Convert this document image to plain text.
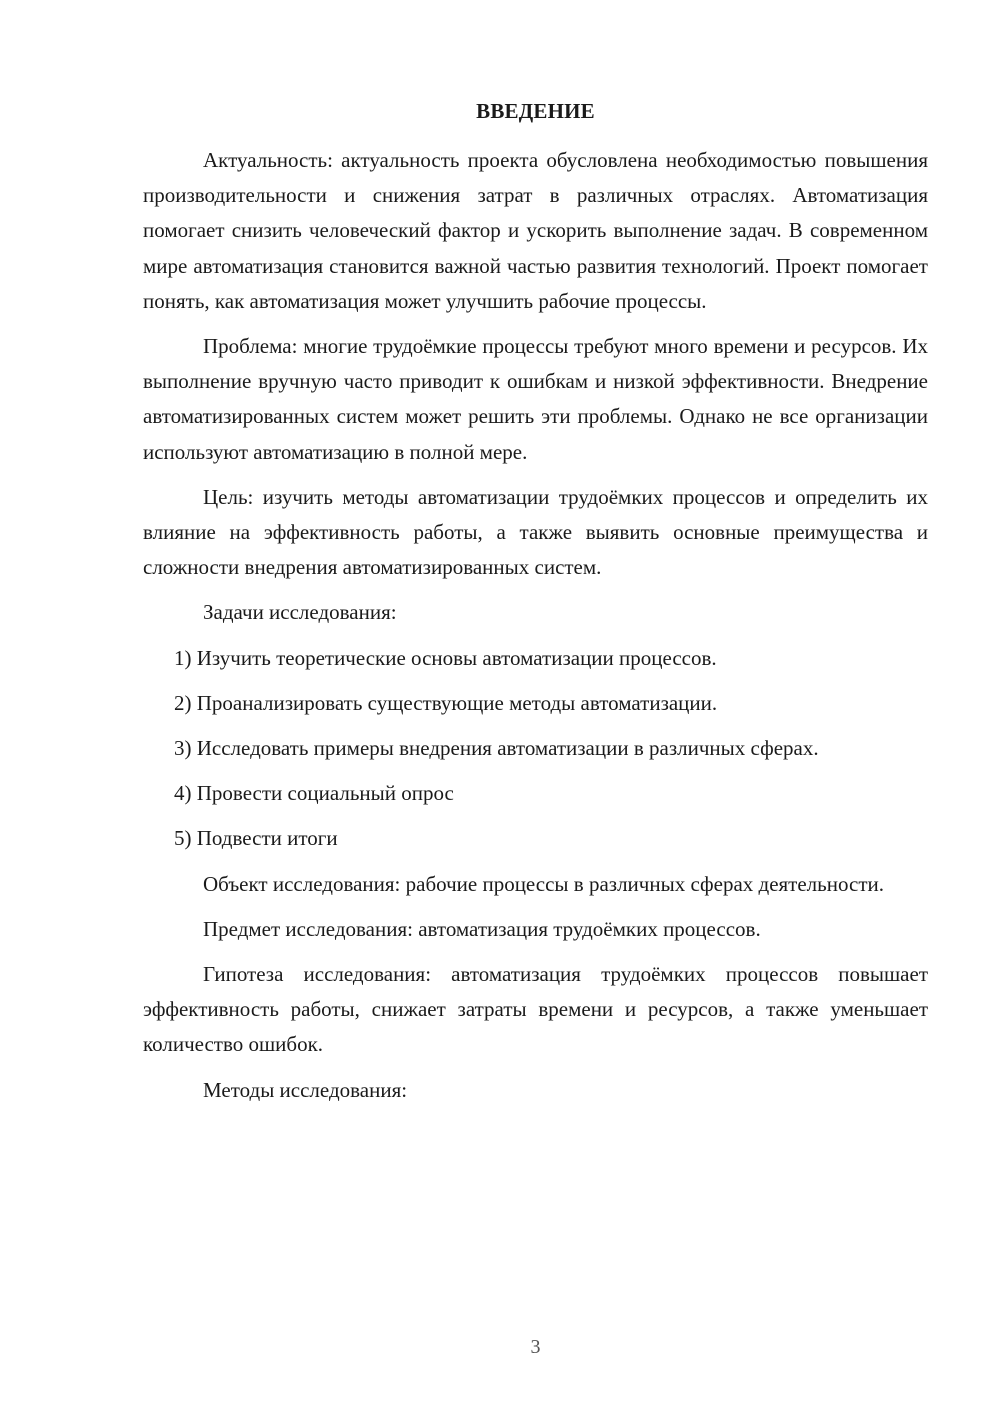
ВВЕДЕНИЕ

Актуальность: актуальность проекта обусловлена необходимостью повышения производительности и снижения затрат в различных отраслях. Автоматизация помогает снизить человеческий фактор и ускорить выполнение задач. В современном мире автоматизация становится важной частью развития технологий. Проект помогает понять, как автоматизация может улучшить рабочие процессы.

Проблема: многие трудоёмкие процессы требуют много времени и ресурсов. Их выполнение вручную часто приводит к ошибкам и низкой эффективности. Внедрение автоматизированных систем может решить эти проблемы. Однако не все организации используют автоматизацию в полной мере.

Цель: изучить методы автоматизации трудоёмких процессов и определить их влияние на эффективность работы, а также выявить основные преимущества и сложности внедрения автоматизированных систем.

Задачи исследования:

1) Изучить теоретические основы автоматизации процессов.

2) Проанализировать существующие методы автоматизации.

3) Исследовать примеры внедрения автоматизации в различных сферах.

4) Провести социальный опрос

5) Подвести итоги

Объект исследования: рабочие процессы в различных сферах деятельности.

Предмет исследования: автоматизация трудоёмких процессов.

Гипотеза исследования: автоматизация трудоёмких процессов повышает эффективность работы, снижает затраты времени и ресурсов, а также уменьшает количество ошибок.

Методы исследования:

3
